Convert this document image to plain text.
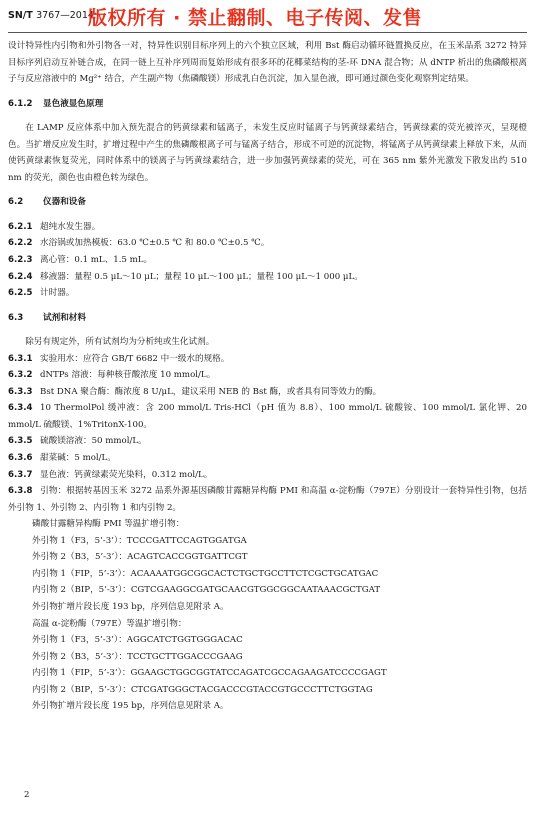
SN/T 3767—2014
版权所有 · 禁止翻制、电子传阅、发售

设计特异性内引物和外引物各一对，特异性识别目标序列上的六个独立区域，利用 Bst 酶启动循环链置换反应，在玉米品系 3272 特异目标序列启动互补链合成，在同一链上互补序列周而复始形成有很多环的花椰菜结构的茎-环 DNA 混合物；从 dNTP 析出的焦磷酸根离子与反应溶液中的 Mg²⁺ 结合，产生副产物（焦磷酸镁）形成乳白色沉淀，加入显色液，即可通过颜色变化观察判定结果。

6.1.2 显色液显色原理

在 LAMP 反应体系中加入预先混合的钙黄绿素和锰离子，未发生反应时锰离子与钙黄绿素结合，钙黄绿素的荧光被淬灭，呈现橙色。当扩增反应发生时，扩增过程中产生的焦磷酸根离子可与锰离子结合，形成不可逆的沉淀物，将锰离子从钙黄绿素上释放下来，从而使钙黄绿素恢复荧光，同时体系中的镁离子与钙黄绿素结合，进一步加强钙黄绿素的荧光，可在 365 nm 紫外光激发下散发出约 510 nm 的荧光，颜色也由橙色转为绿色。

6.2 仪器和设备

6.2.1 超纯水发生器。

6.2.2 水浴锅或加热模板：63.0 ℃±0.5 ℃ 和 80.0 ℃±0.5 ℃。

6.2.3 离心管：0.1 mL、1.5 mL。

6.2.4 移液器：量程 0.5 μL～10 μL；量程 10 μL～100 μL；量程 100 μL～1 000 μL。

6.2.5 计时器。

6.3 试剂和材料

除另有规定外，所有试剂均为分析纯或生化试剂。

6.3.1 实验用水：应符合 GB/T 6682 中一级水的规格。

6.3.2 dNTPs 溶液：每种核苷酸浓度 10 mmol/L。

6.3.3 Bst DNA 聚合酶：酶浓度 8 U/μL，建议采用 NEB 的 Bst 酶，或者具有同等效力的酶。

6.3.4 10 ThermolPol 缓冲液：含 200 mmol/L Tris-HCl（pH 值为 8.8）、100 mmol/L 硫酸铵、100 mmol/L 氯化钾、20 mmol/L 硫酸镁、1%TritonX-100。

6.3.5 硫酸镁溶液：50 mmol/L。

6.3.6 甜菜碱：5 mol/L。

6.3.7 显色液：钙黄绿素荧光染料，0.312 mol/L。

6.3.8 引物：根据转基因玉米 3272 品系外源基因磷酸甘露糖异构酶 PMI 和高温 α-淀粉酶（797E）分别设计一套特异性引物，包括外引物 1、外引物 2、内引物 1 和内引物 2。

磷酸甘露糖异构酶 PMI 等温扩增引物：

外引物 1（F3，5’-3’）：TCCCGATTCCAGTGGATGA

外引物 2（B3，5’-3’）：ACAGTCACCGGTGATTCGT

内引物 1（FIP，5’-3’）：ACAAAATGGCGGCACTCTGCTGCCTTCTCGCTGCATGAC

内引物 2（BIP，5’-3’）：CGTCGAAGGCGATGCAACGTGGCGGCAATAAACGCTGAT

外引物扩增片段长度 193 bp，序列信息见附录 A。

高温 α-淀粉酶（797E）等温扩增引物：

外引物 1（F3，5’-3’）：AGGCATCTGGTGGGACAC

外引物 2（B3，5’-3’）：TCCTGCTTGGACCCGAAG

内引物 1（FIP，5’-3’）：GGAAGCTGGCGGTATCCAGATCGCCAGAAGATCCCCGAGT

内引物 2（BIP，5’-3’）：CTCGATGGGCTACGACCCGTACCGTGCCCTTCTGGTAG

外引物扩增片段长度 195 bp，序列信息见附录 A。

2
